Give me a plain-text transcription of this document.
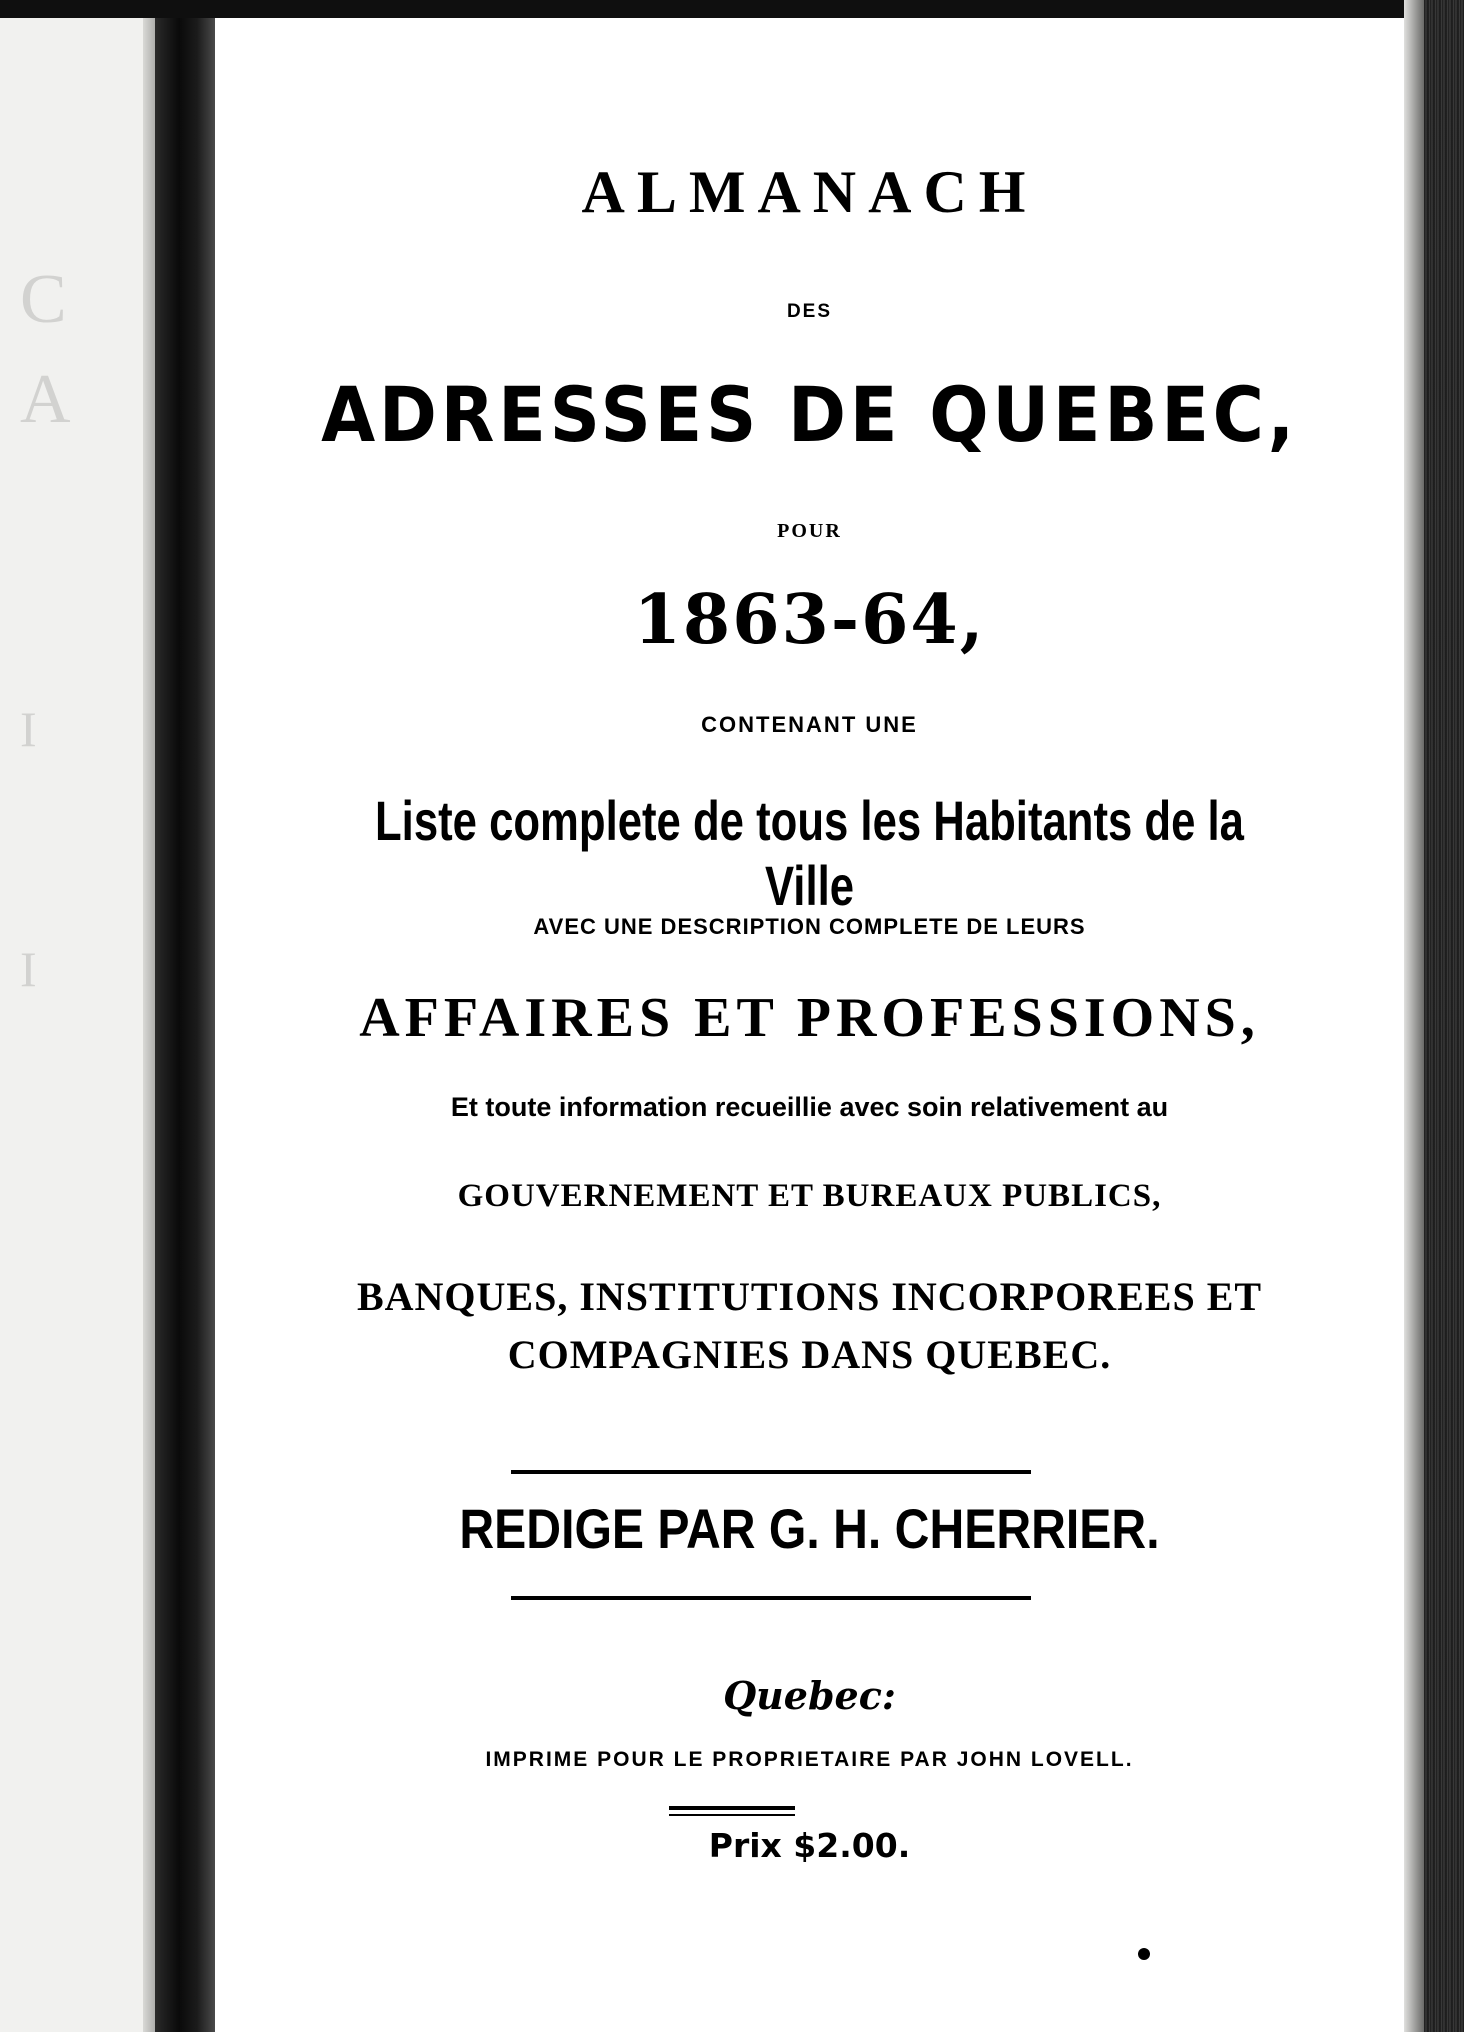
C
A
I
I
ALMANACH
DES
ADRESSES DE QUEBEC,
POUR
1863-64,
CONTENANT UNE
Liste complete de tous les Habitants de la Ville
AVEC UNE DESCRIPTION COMPLETE DE LEURS
AFFAIRES ET PROFESSIONS,
Et toute information recueillie avec soin relativement au
GOUVERNEMENT ET BUREAUX PUBLICS,
BANQUES, INSTITUTIONS INCORPOREES ET
COMPAGNIES DANS QUEBEC.
REDIGE PAR G. H. CHERRIER.
Quebec:
IMPRIME POUR LE PROPRIETAIRE PAR JOHN LOVELL.
Prix $2.00.
